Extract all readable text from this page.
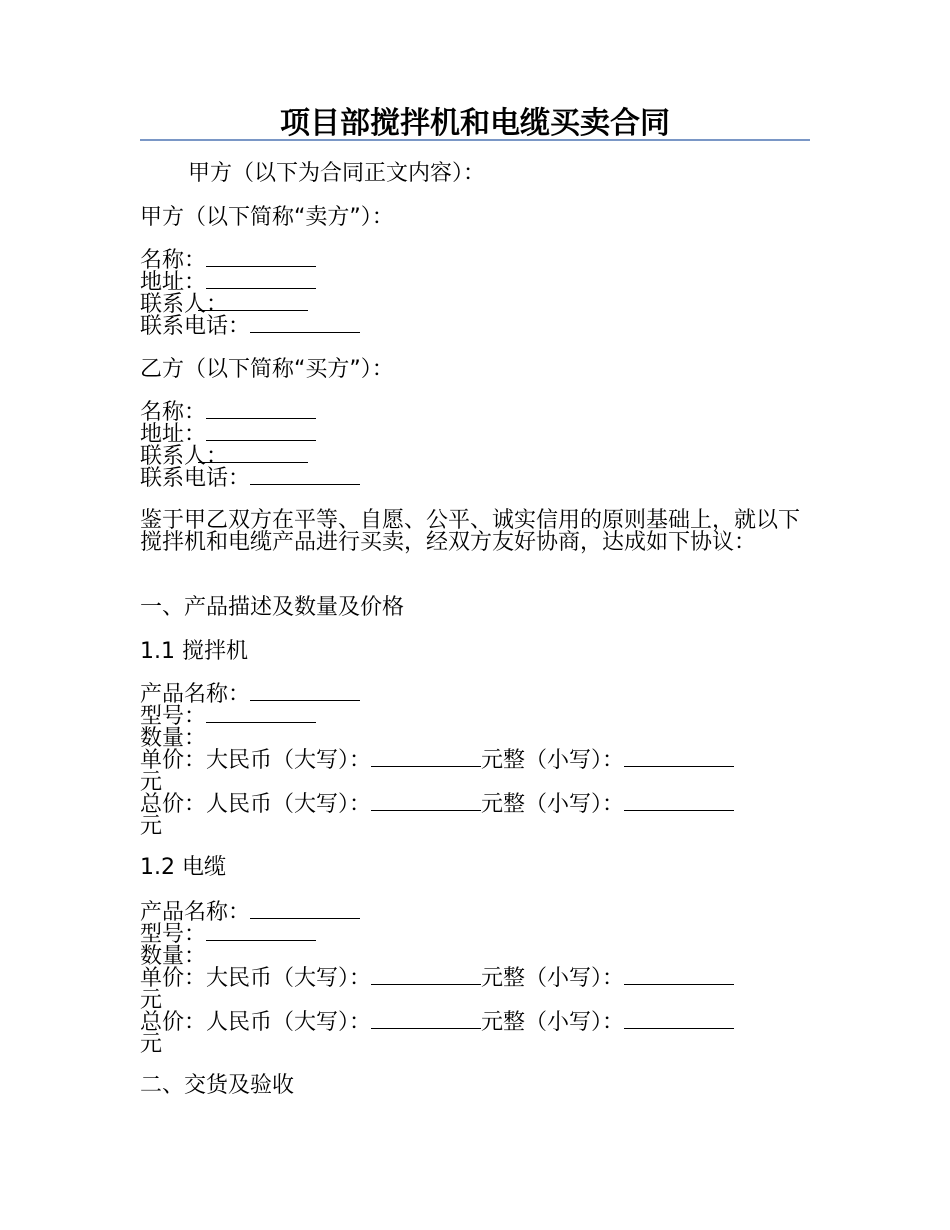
项目部搅拌机和电缆买卖合同
甲方（以下为合同正文内容）：
甲方（以下简称“卖方”）：
名称：
地址：
联系人：
联系电话：
乙方（以下简称“买方”）：
名称：
地址：
联系人：
联系电话：
鉴于甲乙双方在平等、自愿、公平、诚实信用的原则基础上，就以下搅拌机和电缆产品进行买卖，经双方友好协商，达成如下协议：
一、产品描述及数量及价格
1.1 搅拌机
产品名称：
型号：
数量：
单价：大民币（大写）：	元整（小写）：
元
总价：人民币（大写）：	元整（小写）：
元
1.2 电缆
产品名称：
型号：
数量：
单价：大民币（大写）：	元整（小写）：
元
总价：人民币（大写）：	元整（小写）：
元
二、交货及验收
